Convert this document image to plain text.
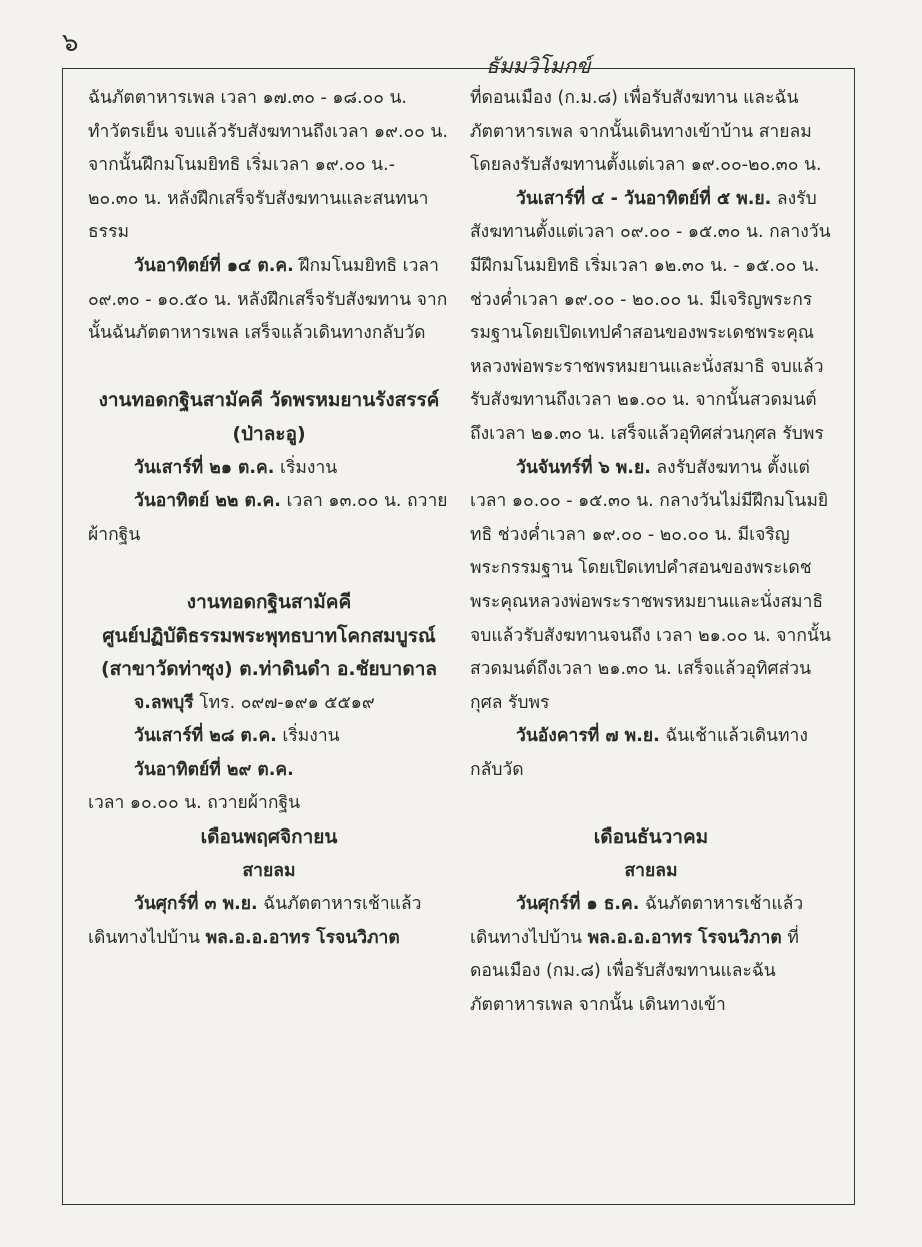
๖
ธัมมวิโมกข์

ฉันภัตตาหารเพล เวลา ๑๗.๓๐ - ๑๘.๐๐ น. ทำวัตรเย็น จบแล้วรับสังฆทานถึงเวลา ๑๙.๐๐ น. จากนั้นฝึกมโนมยิทธิ เริ่มเวลา ๑๙.๐๐ น.- ๒๐.๓๐ น. หลังฝึกเสร็จรับสังฆทานและสนทนาธรรม

วันอาทิตย์ที่ ๑๔ ต.ค. ฝึกมโนมยิทธิ เวลา ๐๙.๓๐ - ๑๐.๕๐ น. หลังฝึกเสร็จรับสังฆทาน จากนั้นฉันภัตตาหารเพล เสร็จแล้วเดินทางกลับวัด

งานทอดกฐินสามัคคี วัดพรหมยานรังสรรค์

(ป่าละอู)

วันเสาร์ที่ ๒๑ ต.ค. เริ่มงาน

วันอาทิตย์ ๒๒ ต.ค. เวลา ๑๓.๐๐ น. ถวายผ้ากฐิน

งานทอดกฐินสามัคคี

ศูนย์ปฏิบัติธรรมพระพุทธบาทโคกสมบูรณ์

(สาขาวัดท่าซุง) ต.ท่าดินดำ อ.ชัยบาดาล

จ.ลพบุรี โทร. ๐๙๗-๑๙๑ ๕๕๑๙

วันเสาร์ที่ ๒๘ ต.ค. เริ่มงาน

วันอาทิตย์ที่ ๒๙ ต.ค.

เวลา ๑๐.๐๐ น. ถวายผ้ากฐิน

เดือนพฤศจิกายน

สายลม

วันศุกร์ที่ ๓ พ.ย. ฉันภัตตาหารเช้าแล้ว เดินทางไปบ้าน พล.อ.อ.อาทร โรจนวิภาต

ที่ดอนเมือง (ก.ม.๘) เพื่อรับสังฆทาน และฉันภัตตาหารเพล จากนั้นเดินทางเข้าบ้าน สายลมโดยลงรับสังฆทานตั้งแต่เวลา ๑๙.๐๐-๒๐.๓๐ น.

วันเสาร์ที่ ๔ - วันอาทิตย์ที่ ๕ พ.ย. ลงรับสังฆทานตั้งแต่เวลา ๐๙.๐๐ - ๑๕.๓๐ น. กลางวัน มีฝึกมโนมยิทธิ เริ่มเวลา ๑๒.๓๐ น. - ๑๕.๐๐ น. ช่วงค่ำเวลา ๑๙.๐๐ - ๒๐.๐๐ น. มีเจริญพระกรรมฐานโดยเปิดเทปคำสอนของพระเดชพระคุณหลวงพ่อพระราชพรหมยานและนั่งสมาธิ จบแล้วรับสังฆทานถึงเวลา ๒๑.๐๐ น. จากนั้นสวดมนต์ ถึงเวลา ๒๑.๓๐ น. เสร็จแล้วอุทิศส่วนกุศล รับพร

วันจันทร์ที่ ๖ พ.ย. ลงรับสังฆทาน ตั้งแต่เวลา ๑๐.๐๐ - ๑๕.๓๐ น. กลางวันไม่มีฝึกมโนมยิทธิ ช่วงค่ำเวลา ๑๙.๐๐ - ๒๐.๐๐ น. มีเจริญพระกรรมฐาน โดยเปิดเทปคำสอนของพระเดชพระคุณหลวงพ่อพระราชพรหมยานและนั่งสมาธิ จบแล้วรับสังฆทานจนถึง เวลา ๒๑.๐๐ น. จากนั้นสวดมนต์ถึงเวลา ๒๑.๓๐ น. เสร็จแล้วอุทิศส่วนกุศล รับพร

วันอังคารที่ ๗ พ.ย. ฉันเช้าแล้วเดินทางกลับวัด

เดือนธันวาคม

สายลม

วันศุกร์ที่ ๑ ธ.ค. ฉันภัตตาหารเช้าแล้วเดินทางไปบ้าน พล.อ.อ.อาทร โรจนวิภาต ที่ดอนเมือง (กม.๘) เพื่อรับสังฆทานและฉันภัตตาหารเพล จากนั้น เดินทางเข้า
